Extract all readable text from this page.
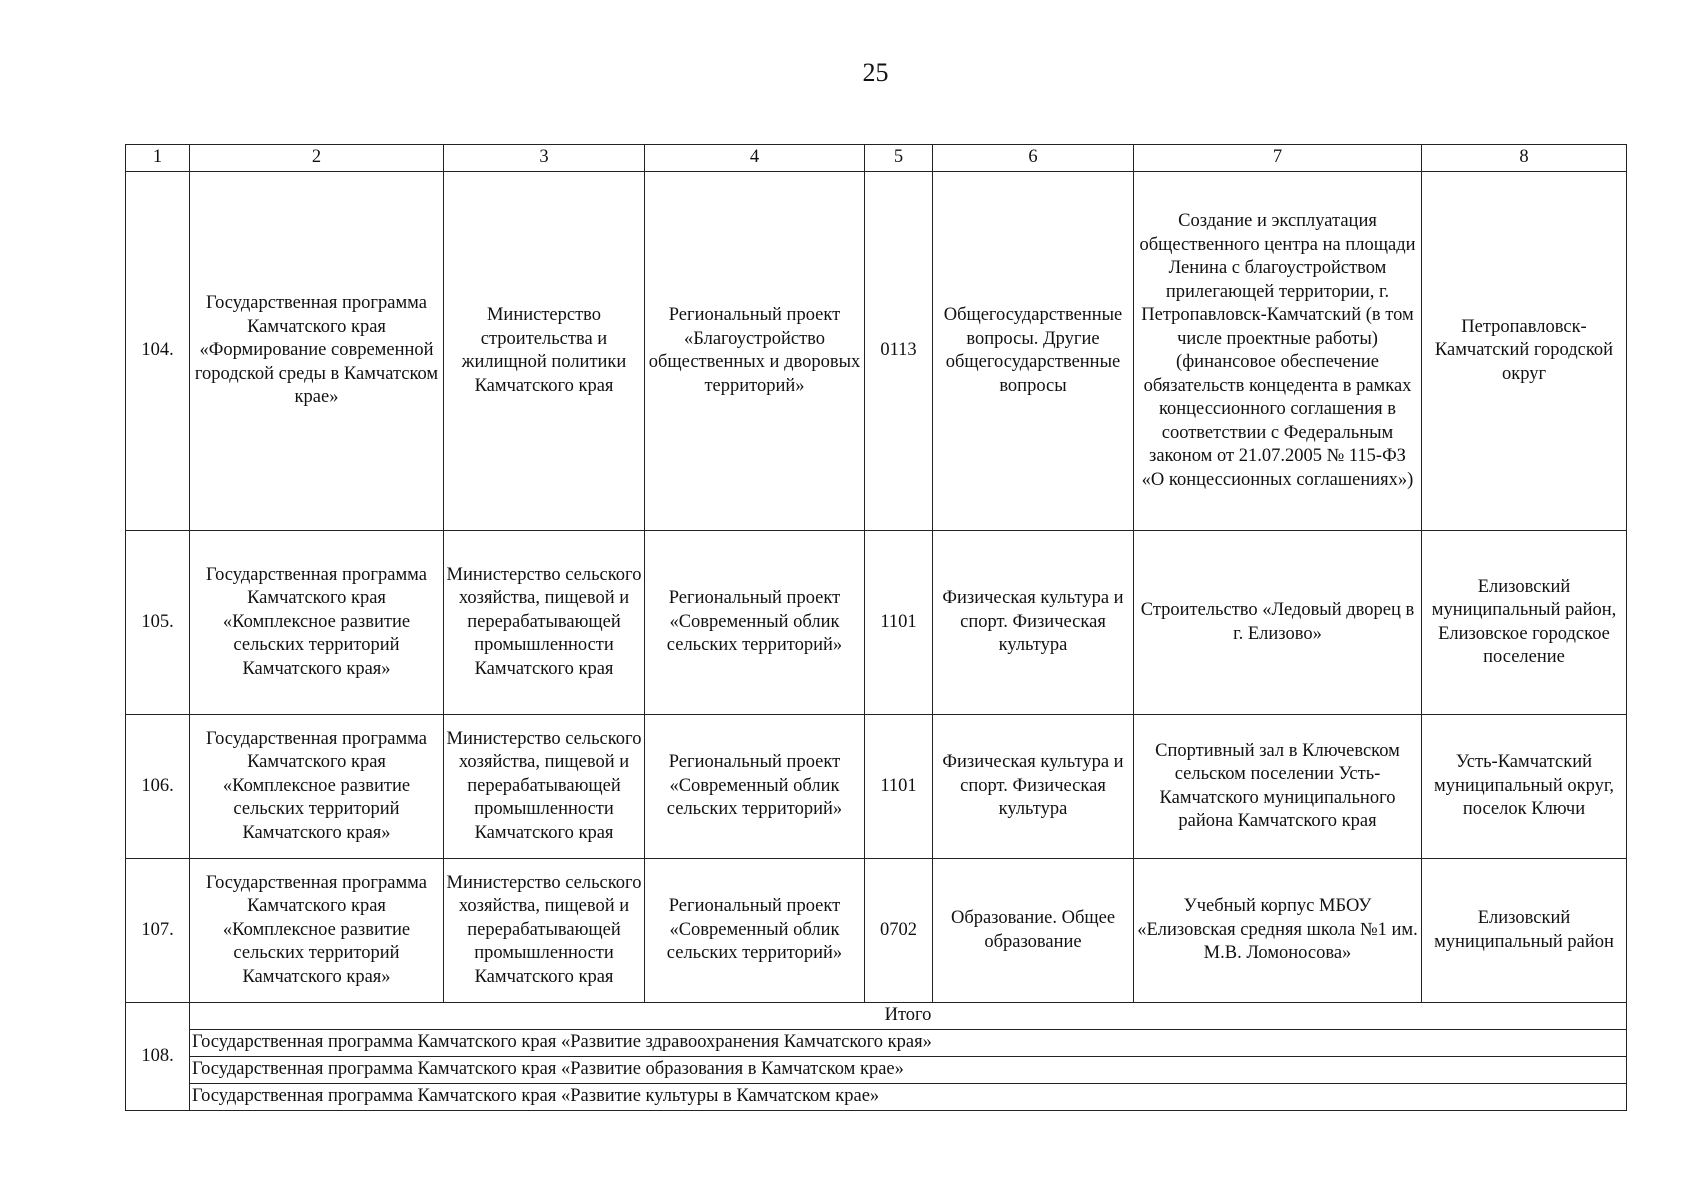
25
1	2	3	4	5	6	7	8
104.	Государственная программа Камчатского края «Формирование современной городской среды в Камчатском крае»	Министерство строительства и жилищной политики Камчатского края	Региональный проект «Благоустройство общественных и дворовых территорий»	0113	Общегосударственные вопросы. Другие общегосударственные вопросы	Создание и эксплуатация общественного центра на площади Ленина с благоустройством прилегающей территории, г. Петропавловск-Камчатский (в том числе проектные работы) (финансовое обеспечение обязательств концедента в рамках концессионного соглашения в соответствии с Федеральным законом от 21.07.2005 № 115-ФЗ «О концессионных соглашениях»)	Петропавловск-Камчатский городской округ
105.	Государственная программа Камчатского края «Комплексное развитие сельских территорий Камчатского края»	Министерство сельского хозяйства, пищевой и перерабатывающей промышленности Камчатского края	Региональный проект «Современный облик сельских территорий»	1101	Физическая культура и спорт. Физическая культура	Строительство «Ледовый дворец в г. Елизово»	Елизовский муниципальный район, Елизовское городское поселение
106.	Государственная программа Камчатского края «Комплексное развитие сельских территорий Камчатского края»	Министерство сельского хозяйства, пищевой и перерабатывающей промышленности Камчатского края	Региональный проект «Современный облик сельских территорий»	1101	Физическая культура и спорт. Физическая культура	Спортивный зал в Ключевском сельском поселении Усть-Камчатского муниципального района Камчатского края	Усть-Камчатский муниципальный округ, поселок Ключи
107.	Государственная программа Камчатского края «Комплексное развитие сельских территорий Камчатского края»	Министерство сельского хозяйства, пищевой и перерабатывающей промышленности Камчатского края	Региональный проект «Современный облик сельских территорий»	0702	Образование. Общее образование	Учебный корпус МБОУ «Елизовская средняя школа №1 им. М.В. Ломоносова»	Елизовский муниципальный район
108.	Итого						
	Государственная программа Камчатского края «Развитие здравоохранения Камчатского края»						
	Государственная программа Камчатского края «Развитие образования в Камчатском крае»						
	Государственная программа Камчатского края «Развитие культуры в Камчатском крае»						
